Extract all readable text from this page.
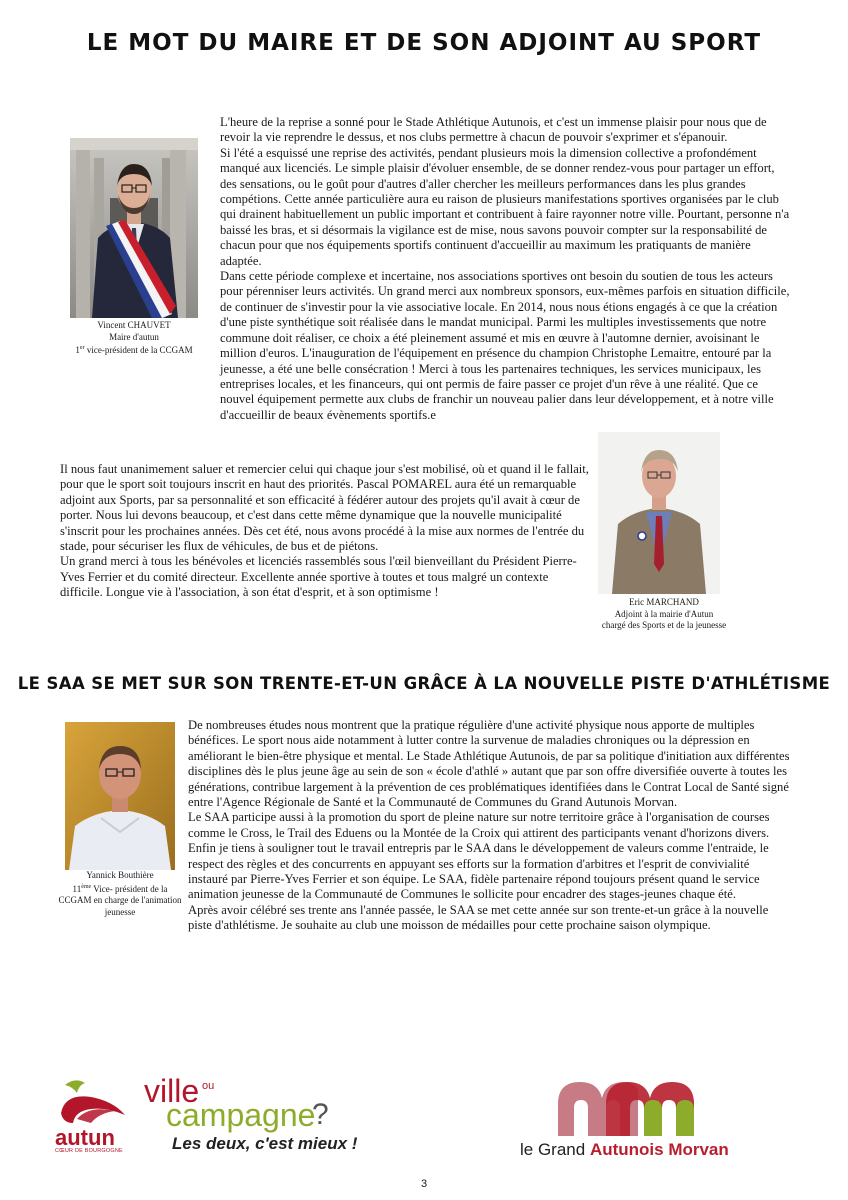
LE MOT DU MAIRE ET DE SON ADJOINT AU SPORT

Vincent CHAUVET

Maire d'autun

1er vice-président de la CCGAM

L'heure de la reprise a sonné pour le Stade Athlétique Autunois, et c'est un immense plaisir pour nous que de revoir la vie reprendre le dessus, et nos clubs permettre à chacun de pouvoir s'exprimer et s'épanouir.

Si l'été a esquissé une reprise des activités, pendant plusieurs mois la dimension collective a profondément manqué aux licenciés. Le simple plaisir d'évoluer ensemble, de se donner rendez-vous pour partager un effort, des sensations, ou le goût pour d'autres d'aller chercher les meilleurs performances dans les plus grandes compétions. Cette année particulière aura eu raison de plusieurs manifestations sportives organisées par le club qui drainent habituellement un public important et contribuent à faire rayonner notre ville. Pourtant, personne n'a baissé les bras, et si désormais la vigilance est de mise, nous savons pouvoir compter sur la responsabilité de chacun pour que nos équipements sportifs continuent d'accueillir au maximum les pratiquants de manière adaptée.

Dans cette période complexe et incertaine, nos associations sportives ont besoin du soutien de tous les acteurs pour pérenniser leurs activités. Un grand merci aux nombreux sponsors, eux-mêmes parfois en situation difficile, de continuer de s'investir pour la vie associative locale. En 2014, nous nous étions engagés à ce que la création d'une piste synthétique soit réalisée dans le mandat municipal. Parmi les multiples investissements que notre commune doit réaliser, ce choix a été pleinement assumé et mis en œuvre à l'automne dernier, avoisinant le million d'euros. L'inauguration de l'équipement en présence du champion Christophe Lemaitre, entouré par la jeunesse, a été une belle consécration ! Merci à tous les partenaires techniques, les services municipaux, les entreprises locales, et les financeurs, qui ont permis de faire passer ce projet d'un rêve à une réalité. Que ce nouvel équipement permette aux clubs de franchir un nouveau palier dans leur développement, et à notre ville d'accueillir de beaux évènements sportifs.e

Il nous faut unanimement saluer et remercier celui qui chaque jour s'est mobilisé, où et quand il le fallait, pour que le sport soit toujours inscrit en haut des priorités. Pascal POMAREL aura été un remarquable adjoint aux Sports, par sa personnalité et son efficacité à fédérer autour des projets qu'il avait à cœur de porter. Nous lui devons beaucoup, et c'est dans cette même dynamique que la nouvelle municipalité s'inscrit pour les prochaines années. Dès cet été, nous avons procédé à la mise aux normes de l'entrée du stade, pour sécuriser les flux de véhicules, de bus et de piétons.

Un grand merci à tous les bénévoles et licenciés rassemblés sous l'œil bienveillant du Président Pierre-Yves Ferrier et du comité directeur. Excellente année sportive à toutes et tous malgré un contexte difficile. Longue vie à l'association, à son état d'esprit, et à son optimisme !

Eric MARCHAND

Adjoint à la mairie d'Autun

chargé des Sports et de la jeunesse

LE SAA SE MET SUR SON TRENTE-ET-UN GRÂCE À LA NOUVELLE PISTE D'ATHLÉTISME

Yannick Bouthière

11ème Vice- président de la CCGAM en charge de l'animation jeunesse

De nombreuses études nous montrent que la pratique régulière d'une activité physique nous apporte de multiples bénéfices. Le sport nous aide notamment à lutter contre la survenue de maladies chroniques ou la dépression en améliorant le bien-être physique et mental. Le Stade Athlétique Autunois, de par sa politique d'initiation aux différentes disciplines dès le plus jeune âge au sein de son « école d'athlé » autant que par son offre diversifiée ouverte à toutes les générations, contribue largement à la prévention de ces problématiques identifiées dans le Contrat Local de Santé signé entre l'Agence Régionale de Santé et la Communauté de Communes du Grand Autunois Morvan.

Le SAA participe aussi à la promotion du sport de pleine nature sur notre territoire grâce à l'organisation de courses comme le Cross, le Trail des Eduens ou la Montée de la Croix qui attirent des participants venant d'horizons divers.

Enfin je tiens à souligner tout le travail entrepris par le SAA dans le développement de valeurs comme l'entraide, le respect des règles et des concurrents en appuyant ses efforts sur la formation d'arbitres et l'esprit de convivialité instauré par Pierre-Yves Ferrier et son équipe. Le SAA, fidèle partenaire répond toujours présent quand le service animation jeunesse de la Communauté de Communes le sollicite pour encadrer des stages-jeunes chaque été.

Après avoir célébré ses trente ans l'année passée, le SAA se met cette année sur son trente-et-un grâce à la nouvelle piste d'athlétisme. Je souhaite au club une moisson de médailles pour cette prochaine saison olympique.

autun
CŒUR DE BOURGOGNE
ville ou
campagne
?
Les deux, c'est mieux !	le Grand Autunois Morvan
3
